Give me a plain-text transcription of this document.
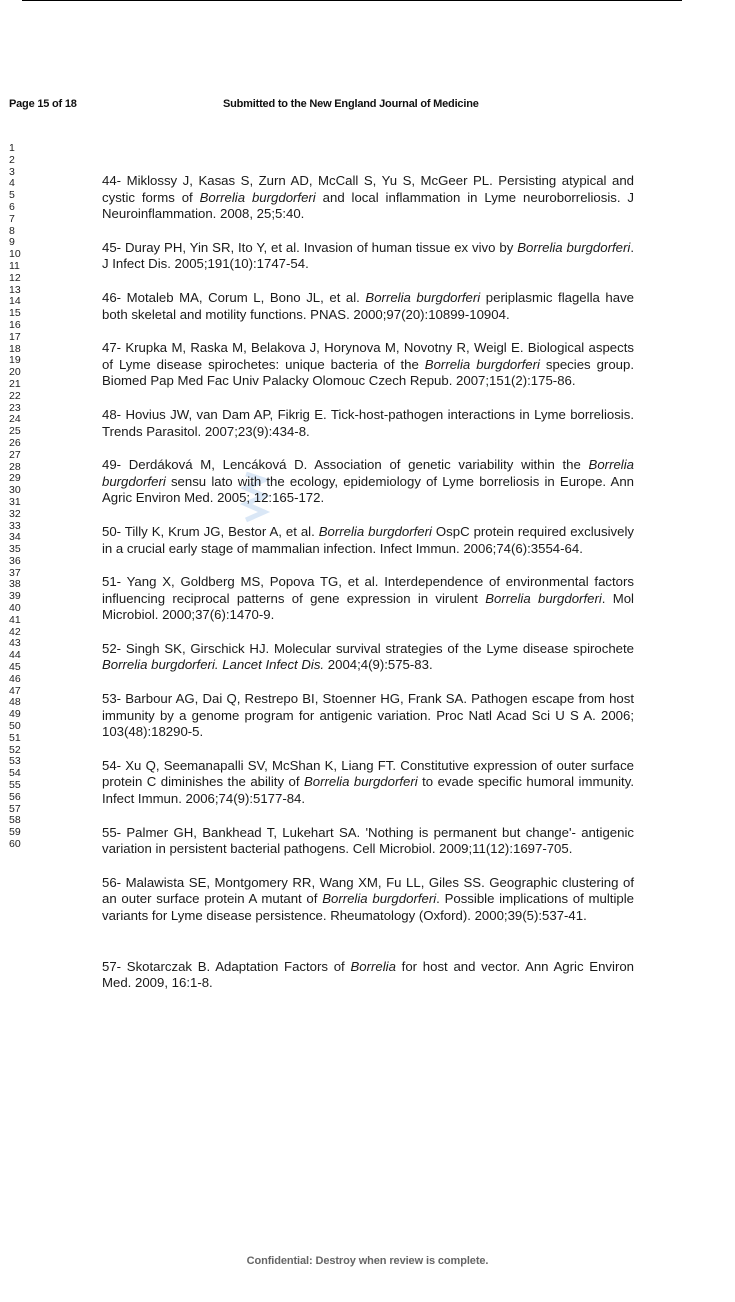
Page 15 of 18	Submitted to the New England Journal of Medicine
1
2
3
4
5
6
7
8
9
10
11
12
13
14
15
16
17
18
19
20
21
22
23
24
25
26
27
28
29
30
31
32
33
34
35
36
37
38
39
40
41
42
43
44
45
46
47
48
49
50
51
52
53
54
55
56
57
58
59
60

44- Miklossy J, Kasas S, Zurn AD, McCall S, Yu S, McGeer PL. Persisting atypical and cystic forms of Borrelia burgdorferi and local inflammation in Lyme neuroborreliosis. J Neuroinflammation. 2008, 25;5:40.

45- Duray PH, Yin SR, Ito Y, et al. Invasion of human tissue ex vivo by Borrelia burgdorferi. J Infect Dis. 2005;191(10):1747-54.

46- Motaleb MA, Corum L, Bono JL, et al. Borrelia burgdorferi periplasmic flagella have both skeletal and motility functions. PNAS. 2000;97(20):10899-10904.

47- Krupka M, Raska M, Belakova J, Horynova M, Novotny R, Weigl E. Biological aspects of Lyme disease spirochetes: unique bacteria of the Borrelia burgdorferi species group. Biomed Pap Med Fac Univ Palacky Olomouc Czech Repub. 2007;151(2):175-86.

48- Hovius JW, van Dam AP, Fikrig E. Tick-host-pathogen interactions in Lyme borreliosis. Trends Parasitol. 2007;23(9):434-8.

49- Derdáková M, Lencáková D. Association of genetic variability within the Borrelia burgdorferi sensu lato with the ecology, epidemiology of Lyme borreliosis in Europe. Ann Agric Environ Med. 2005; 12:165-172.

50- Tilly K, Krum JG, Bestor A, et al. Borrelia burgdorferi OspC protein required exclusively in a crucial early stage of mammalian infection. Infect Immun. 2006;74(6):3554-64.

51- Yang X, Goldberg MS, Popova TG, et al. Interdependence of environmental factors influencing reciprocal patterns of gene expression in virulent Borrelia burgdorferi. Mol Microbiol. 2000;37(6):1470-9.

52- Singh SK, Girschick HJ. Molecular survival strategies of the Lyme disease spirochete Borrelia burgdorferi. Lancet Infect Dis. 2004;4(9):575-83.

53- Barbour AG, Dai Q, Restrepo BI, Stoenner HG, Frank SA. Pathogen escape from host immunity by a genome program for antigenic variation. Proc Natl Acad Sci U S A. 2006; 103(48):18290-5.

54- Xu Q, Seemanapalli SV, McShan K, Liang FT. Constitutive expression of outer surface protein C diminishes the ability of Borrelia burgdorferi to evade specific humoral immunity. Infect Immun. 2006;74(9):5177-84.

55- Palmer GH, Bankhead T, Lukehart SA. 'Nothing is permanent but change'- antigenic variation in persistent bacterial pathogens. Cell Microbiol. 2009;11(12):1697-705.

56- Malawista SE, Montgomery RR, Wang XM, Fu LL, Giles SS. Geographic clustering of an outer surface protein A mutant of Borrelia burgdorferi. Possible implications of multiple variants for Lyme disease persistence. Rheumatology (Oxford). 2000;39(5):537-41.

57- Skotarczak B. Adaptation Factors of Borrelia for host and vector. Ann Agric Environ Med. 2009, 16:1-8.

Confidential: Destroy when review is complete.
